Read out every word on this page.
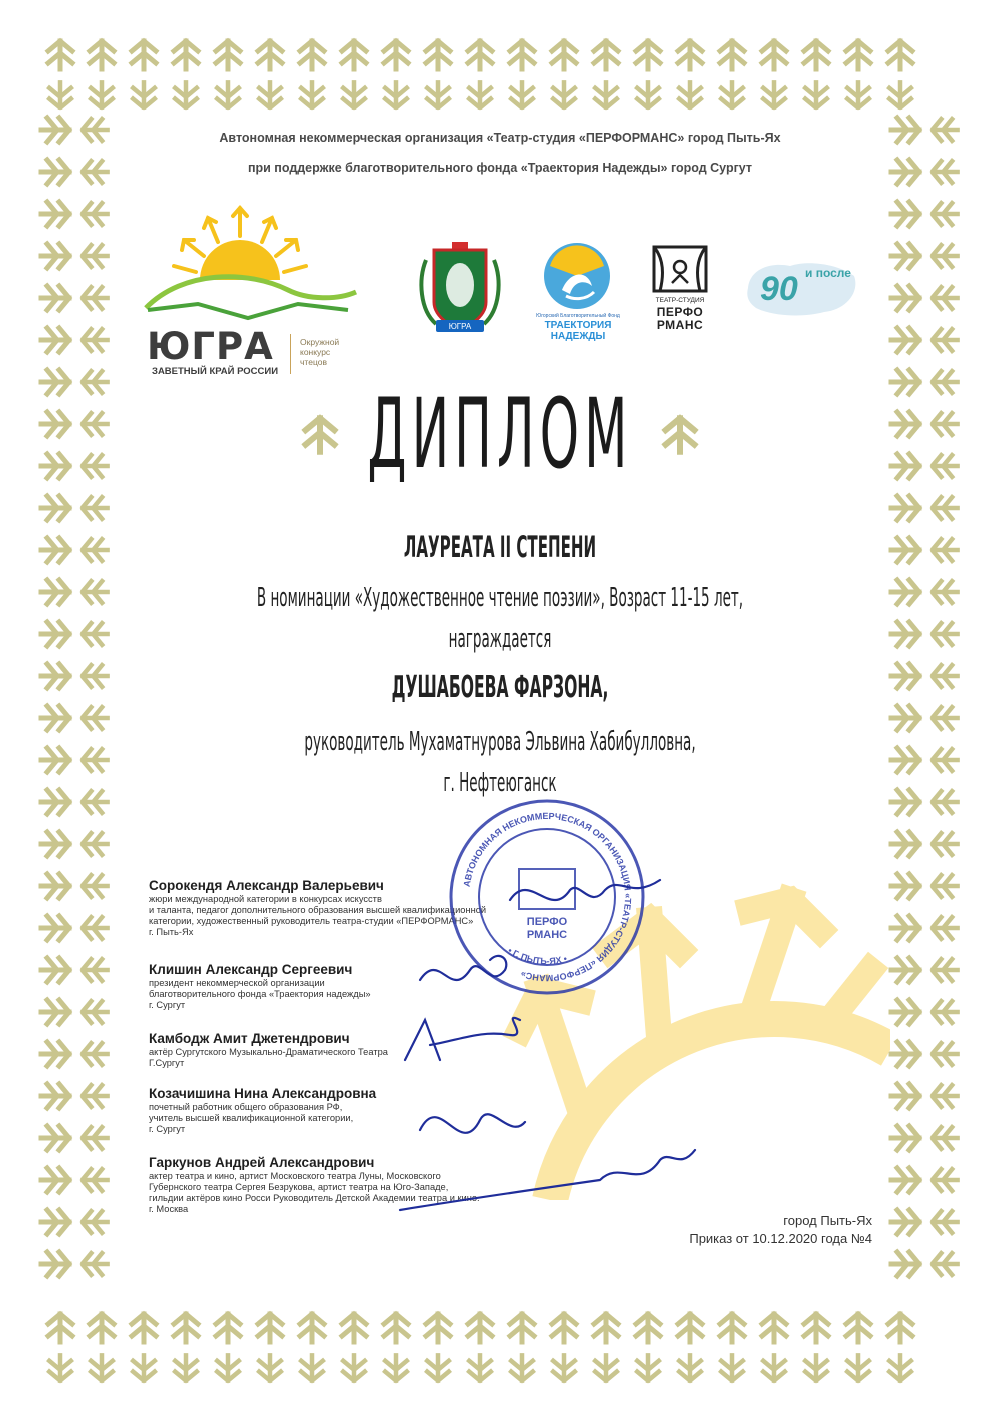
Автономная некоммерческая организация «Театр-студия «ПЕРФОРМАНС» город Пыть-Ях
при поддержке благотворительного фонда «Траектория Надежды» город Сургут
ЮГРА
ЗАВЕТНЫЙ КРАЙ РОССИИ
Окружной
конкурс
чтецов
ЮГРА
Югорский Благотворительный Фонд
ТРАЕКТОРИЯ
НАДЕЖДЫ
ТЕАТР-СТУДИЯ
ПЕРФО
РМАНС
90 и после
ДИПЛОМ
ЛАУРЕАТА II СТЕПЕНИ
В номинации «Художественное чтение поэзии», Возраст 11-15 лет,
награждается
ДУШАБОЕВА ФАРЗОНА,
руководитель Мухаматнурова Эльвина Хабибулловна,
г. Нефтеюганск
Сорокендя Александр Валерьевич
жюри международной категории в конкурсах искусств
и таланта, педагог дополнительного образования высшей квалификационной
категории, художественный руководитель театра-студии «ПЕРФОРМАНС»
г. Пыть-Ях
Клишин Александр Сергеевич
президент некоммерческой организации
благотворительного фонда «Траектория надежды»
г. Сургут
Камбодж Амит Джетендрович
актёр Сургутского Музыкально-Драматического Театра
Г.Сургут
Козачишина Нина Александровна
почетный работник общего образования РФ,
учитель высшей квалификационной категории,
г. Сургут
Гаркунов Андрей Александрович
актер театра и кино, артист Московского театра Луны, Московского
Губернского театра Сергея Безрукова, артист театра на Юго-Западе,
гильдии актёров кино Росси Руководитель Детской Академии театра и кино.
г. Москва
АВТОНОМНАЯ НЕКОММЕРЧЕСКАЯ ОРГАНИЗАЦИЯ «ТЕАТР-СТУДИЯ «ПЕРФОРМАНС»
• Г. ПЫТЬ-ЯХ •
ПЕРФО
РМАНС
город Пыть-Ях
Приказ от 10.12.2020 года №4
